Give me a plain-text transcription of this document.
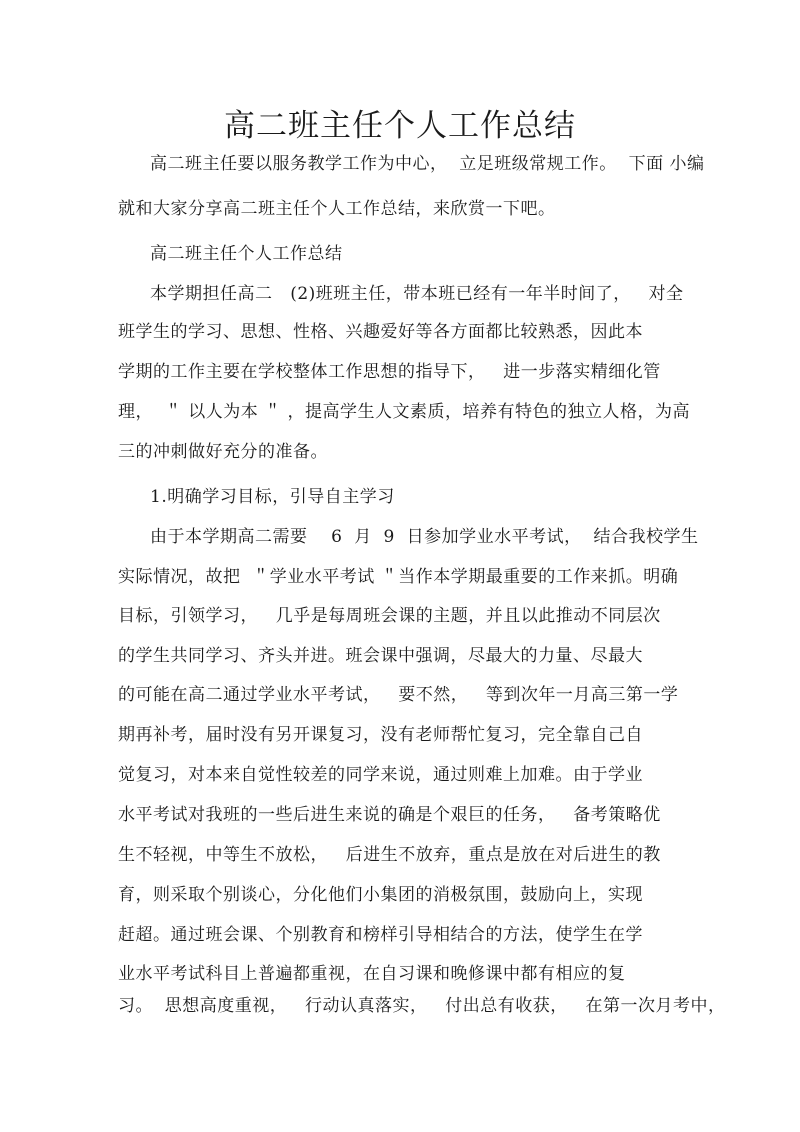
高二班主任个人工作总结
高二班主任要以服务教学工作为中心，  立足班级常规工作。  下面 小编
就和大家分享高二班主任个人工作总结，来欣赏一下吧。
高二班主任个人工作总结
本学期担任高二   (2)班班主任，带本班已经有一年半时间了，   对全
班学生的学习、思想、性格、兴趣爱好等各方面都比较熟悉，因此本
学期的工作主要在学校整体工作思想的指导下，   进一步落实精细化管
理，  ＂ 以人为本 ＂ ，提高学生人文素质，培养有特色的独立人格，为高
三的冲刺做好充分的准备。
1.明确学习目标，引导自主学习
由于本学期高二需要    6  月  9  日参加学业水平考试，  结合我校学生
实际情况，故把  ＂学业水平考试 ＂当作本学期最重要的工作来抓。明确
目标，引领学习，   几乎是每周班会课的主题，并且以此推动不同层次
的学生共同学习、齐头并进。班会课中强调，尽最大的力量、尽最大
的可能在高二通过学业水平考试，   要不然，   等到次年一月高三第一学
期再补考，届时没有另开课复习，没有老师帮忙复习，完全靠自己自
觉复习，对本来自觉性较差的同学来说，通过则难上加难。由于学业
水平考试对我班的一些后进生来说的确是个艰巨的任务，   备考策略优
生不轻视，中等生不放松，   后进生不放弃，重点是放在对后进生的教
育，则采取个别谈心，分化他们小集团的消极氛围，鼓励向上，实现
赶超。通过班会课、个别教育和榜样引导相结合的方法，使学生在学
业水平考试科目上普遍都重视，在自习课和晚修课中都有相应的复
习。  思想高度重视，   行动认真落实，   付出总有收获，   在第一次月考中，
